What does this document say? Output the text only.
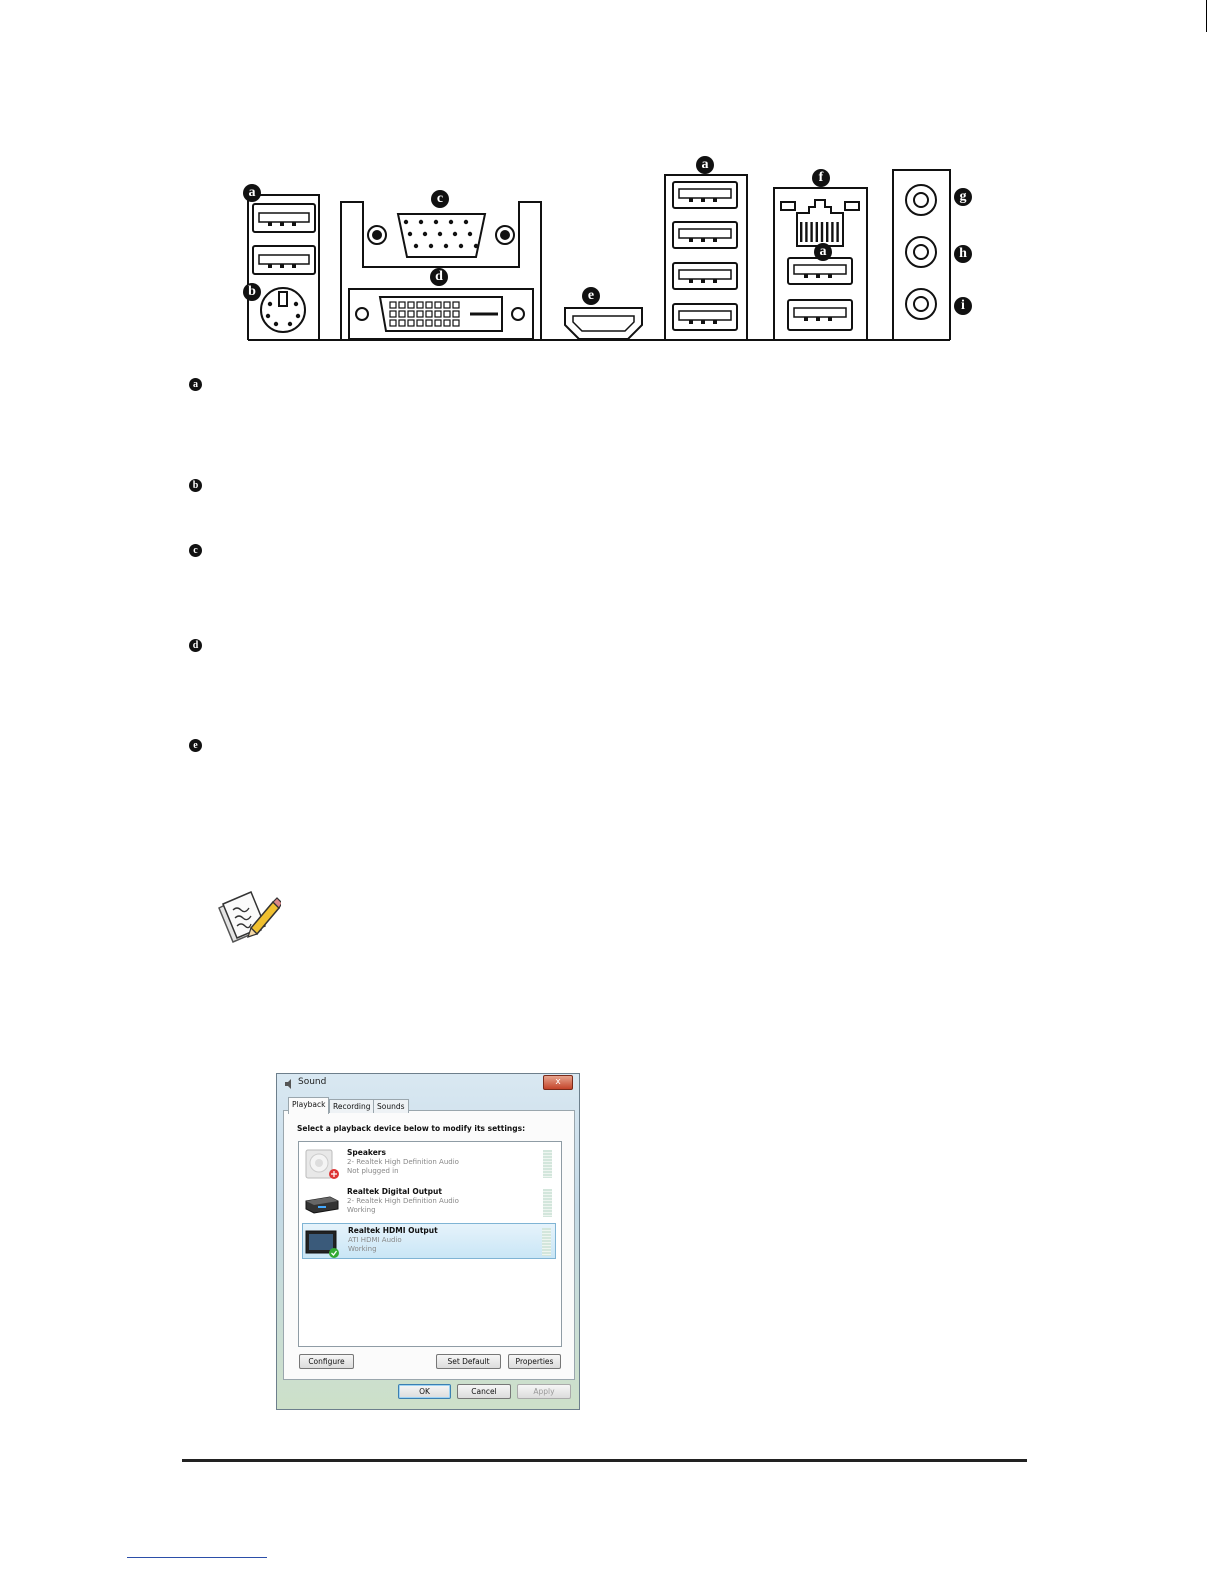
a
b
c
d
e
a
f
a
g
h
i
a
b
c
d
e
Sound	x
Playback	Recording Sounds
Select a playback device below to modify its settings:
Speakers
2- Realtek High Definition Audio
Not plugged in
Realtek Digital Output
2- Realtek High Definition Audio
Working
Realtek HDMI Output
ATI HDMI Audio
Working
Configure	Set Default	Properties
OK	Cancel	Apply
